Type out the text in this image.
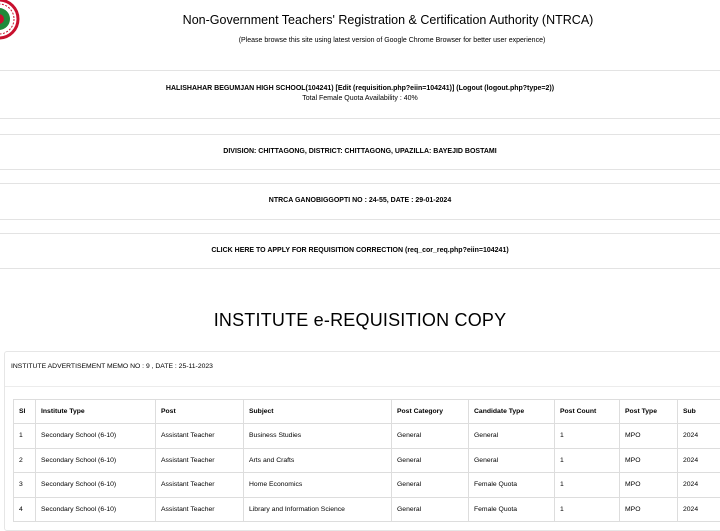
Non-Government Teachers' Registration & Certification Authority (NTRCA)
(Please browse this site using latest version of Google Chrome Browser for better user experience)
HALISHAHAR BEGUMJAN HIGH SCHOOL(104241) [Edit (requisition.php?eiin=104241)] (Logout (logout.php?type=2))
Total Female Quota Availability : 40%
DIVISION: CHITTAGONG, DISTRICT: CHITTAGONG, UPAZILLA: BAYEJID BOSTAMI
NTRCA GANOBIGGOPTI NO : 24-55, DATE : 29-01-2024
CLICK HERE TO APPLY FOR REQUISITION CORRECTION (req_cor_req.php?eiin=104241)
INSTITUTE e-REQUISITION COPY
INSTITUTE ADVERTISEMENT MEMO NO : 9 , DATE : 25-11-2023
Sl	Institute Type	Post	Subject	Post Category	Candidate Type	Post Count	Post Type	Sub
1	Secondary School (6-10)	Assistant Teacher	Business Studies	General	General	1	MPO	2024
2	Secondary School (6-10)	Assistant Teacher	Arts and Crafts	General	General	1	MPO	2024
3	Secondary School (6-10)	Assistant Teacher	Home Economics	General	Female Quota	1	MPO	2024
4	Secondary School (6-10)	Assistant Teacher	Library and Information Science	General	Female Quota	1	MPO	2024
